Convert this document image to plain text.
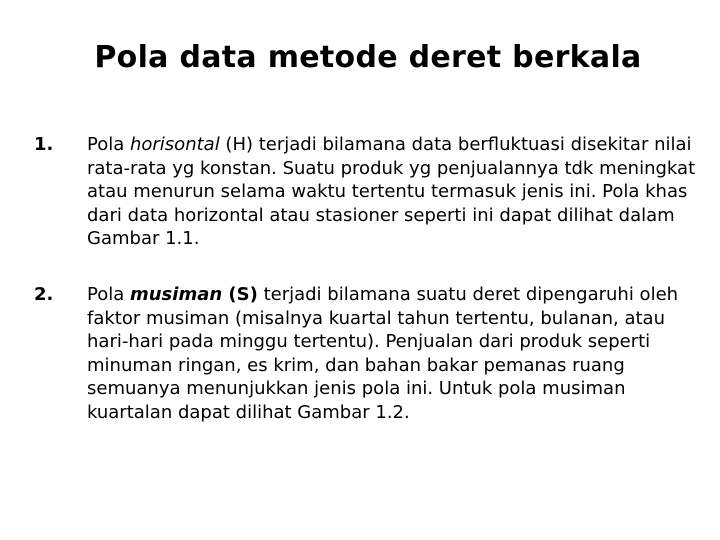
Pola data metode deret berkala
1.	Pola horisontal (H) terjadi bilamana data berfluktuasi disekitar nilai rata-rata yg konstan. Suatu produk yg penjualannya tdk meningkat atau menurun selama waktu tertentu termasuk jenis ini. Pola khas dari data horizontal atau stasioner seperti ini dapat dilihat dalam Gambar 1.1.
2.	Pola musiman (S) terjadi bilamana suatu deret dipengaruhi oleh faktor musiman (misalnya kuartal tahun tertentu, bulanan, atau hari-hari pada minggu tertentu). Penjualan dari produk seperti minuman ringan, es krim, dan bahan bakar pemanas ruang semuanya menunjukkan jenis pola ini. Untuk pola musiman kuartalan dapat dilihat Gambar 1.2.
